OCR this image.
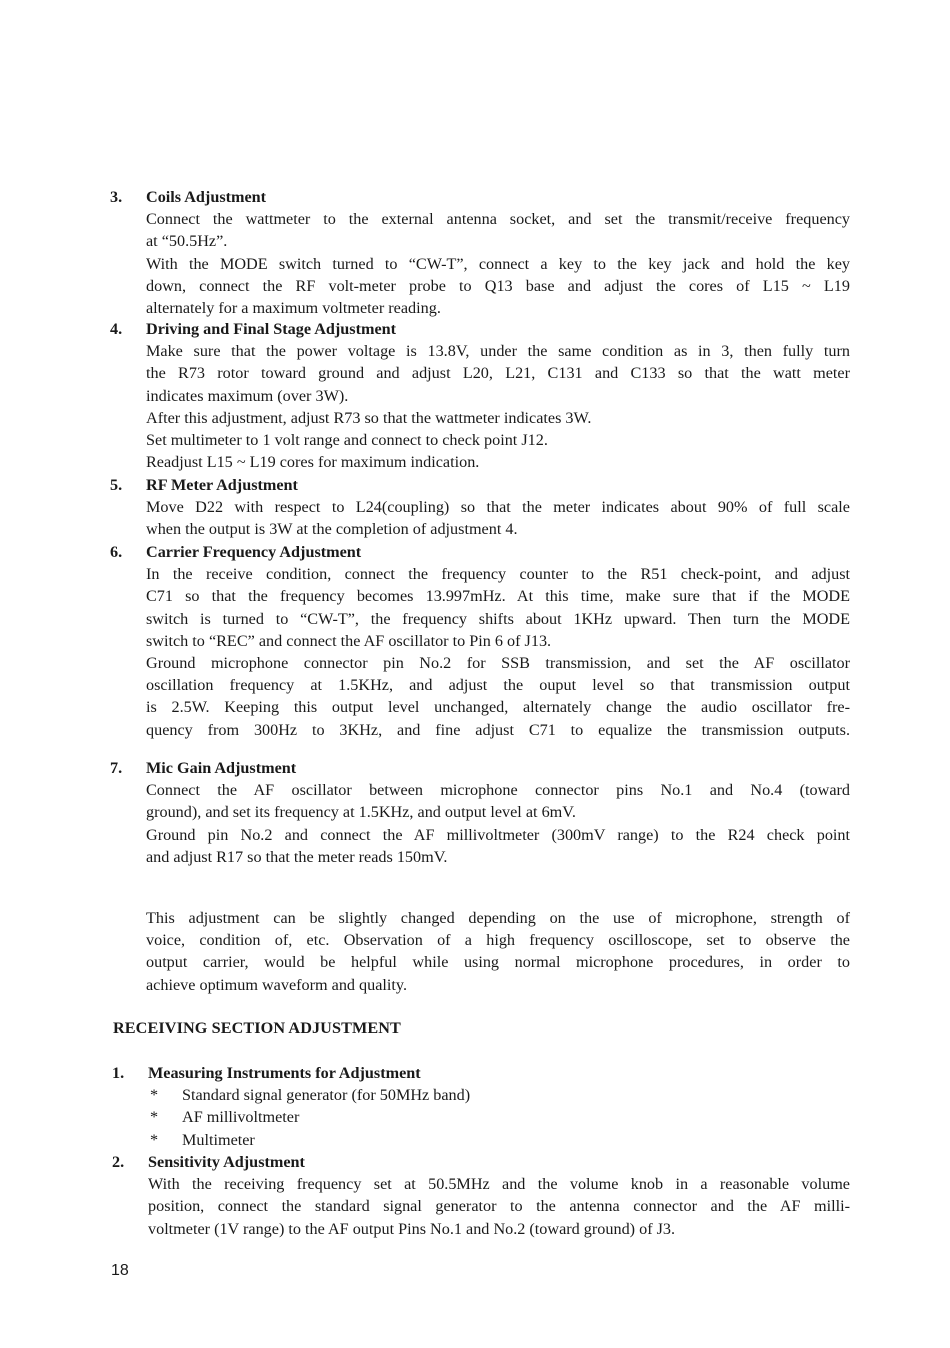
3.	Coils Adjustment
Connect the wattmeter to the external antenna socket, and set the transmit/receive frequency
at “50.5Hz”.
With the MODE switch turned to “CW-T”, connect a key to the key jack and hold the key
down, connect the RF volt-meter probe to Q13 base and adjust the cores of L15 ~ L19
alternately for a maximum voltmeter reading.
4.	Driving and Final Stage Adjustment
Make sure that the power voltage is 13.8V, under the same condition as in 3, then fully turn
the R73 rotor toward ground and adjust L20, L21, C131 and C133 so that the watt meter
indicates maximum (over 3W).
After this adjustment, adjust R73 so that the wattmeter indicates 3W.
Set multimeter to 1 volt range and connect to check point J12.
Readjust L15 ~ L19 cores for maximum indication.
5.	RF Meter Adjustment
Move D22 with respect to L24(coupling) so that the meter indicates about 90% of full scale
when the output is 3W at the completion of adjustment 4.
6.	Carrier Frequency Adjustment
In the receive condition, connect the frequency counter to the R51 check-point, and adjust
C71 so that the frequency becomes 13.997mHz. At this time, make sure that if the MODE
switch is turned to “CW-T”, the frequency shifts about 1KHz upward. Then turn the MODE
switch to “REC” and connect the AF oscillator to Pin 6 of J13.
Ground microphone connector pin No.2 for SSB transmission, and set the AF oscillator
oscillation frequency at 1.5KHz, and adjust the ouput level so that transmission output
is 2.5W. Keeping this output level unchanged, alternately change the audio oscillator fre-
quency from 300Hz to 3KHz, and fine adjust C71 to equalize the transmission outputs.
7.	Mic Gain Adjustment
Connect the AF oscillator between microphone connector pins No.1 and No.4 (toward
ground), and set its frequency at 1.5KHz, and output level at 6mV.
Ground pin No.2 and connect the AF millivoltmeter (300mV range) to the R24 check point
and adjust R17 so that the meter reads 150mV.
This adjustment can be slightly changed depending on the use of microphone, strength of
voice, condition of, etc. Observation of a high frequency oscilloscope, set to observe the
output carrier, would be helpful while using normal microphone procedures, in order to
achieve optimum waveform and quality.
RECEIVING SECTION ADJUSTMENT
1.	Measuring Instruments for Adjustment
* Standard signal generator (for 50MHz band)
* AF millivoltmeter
* Multimeter
2.	Sensitivity Adjustment
With the receiving frequency set at 50.5MHz and the volume knob in a reasonable volume
position, connect the standard signal generator to the antenna connector and the AF milli-
voltmeter (1V range) to the AF output Pins No.1 and No.2 (toward ground) of J3.
18
